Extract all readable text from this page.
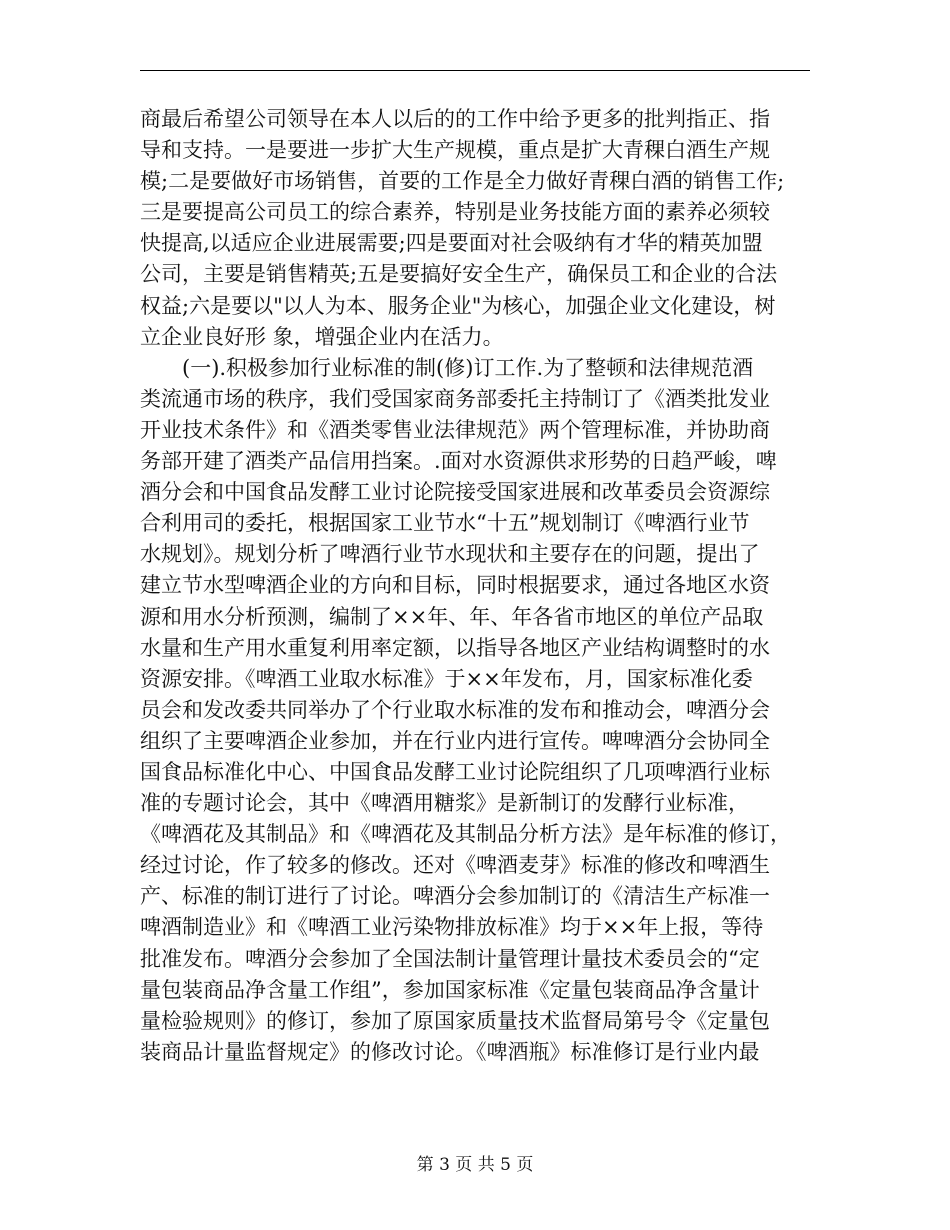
商最后希望公司领导在本人以后的的工作中给予更多的批判指正、指
导和支持。一是要进一步扩大生产规模，重点是扩大青稞白酒生产规
模;二是要做好市场销售，首要的工作是全力做好青稞白酒的销售工作;
三是要提高公司员工的综合素养，特别是业务技能方面的素养必须较
快提高,以适应企业进展需要;四是要面对社会吸纳有才华的精英加盟
公司，主要是销售精英;五是要搞好安全生产，确保员工和企业的合法
权益;六是要以"以人为本、服务企业"为核心，加强企业文化建设，树
立企业良好形 象，增强企业内在活力。
(一).积极参加行业标准的制(修)订工作.为了整顿和法律规范酒
类流通市场的秩序，我们受国家商务部委托主持制订了《酒类批发业
开业技术条件》和《酒类零售业法律规范》两个管理标准，并协助商
务部开建了酒类产品信用挡案。.面对水资源供求形势的日趋严峻，啤
酒分会和中国食品发酵工业讨论院接受国家进展和改革委员会资源综
合利用司的委托，根据国家工业节水“十五”规划制订《啤酒行业节
水规划》。规划分析了啤酒行业节水现状和主要存在的问题，提出了
建立节水型啤酒企业的方向和目标，同时根据要求，通过各地区水资
源和用水分析预测，编制了××年、年、年各省市地区的单位产品取
水量和生产用水重复利用率定额，以指导各地区产业结构调整时的水
资源安排。《啤酒工业取水标准》于××年发布，月，国家标准化委
员会和发改委共同举办了个行业取水标准的发布和推动会，啤酒分会
组织了主要啤酒企业参加，并在行业内进行宣传。啤啤酒分会协同全
国食品标准化中心、中国食品发酵工业讨论院组织了几项啤酒行业标
准的专题讨论会，其中《啤酒用糖浆》是新制订的发酵行业标准，
《啤酒花及其制品》和《啤酒花及其制品分析方法》是年标准的修订，
经过讨论，作了较多的修改。还对《啤酒麦芽》标准的修改和啤酒生
产、标准的制订进行了讨论。啤酒分会参加制订的《清洁生产标准一
啤酒制造业》和《啤酒工业污染物排放标准》均于××年上报，等待
批准发布。啤酒分会参加了全国法制计量管理计量技术委员会的“定
量包装商品净含量工作组”，参加国家标准《定量包装商品净含量计
量检验规则》的修订，参加了原国家质量技术监督局第号令《定量包
装商品计量监督规定》的修改讨论。《啤酒瓶》标准修订是行业内最
第 3 页 共 5 页
